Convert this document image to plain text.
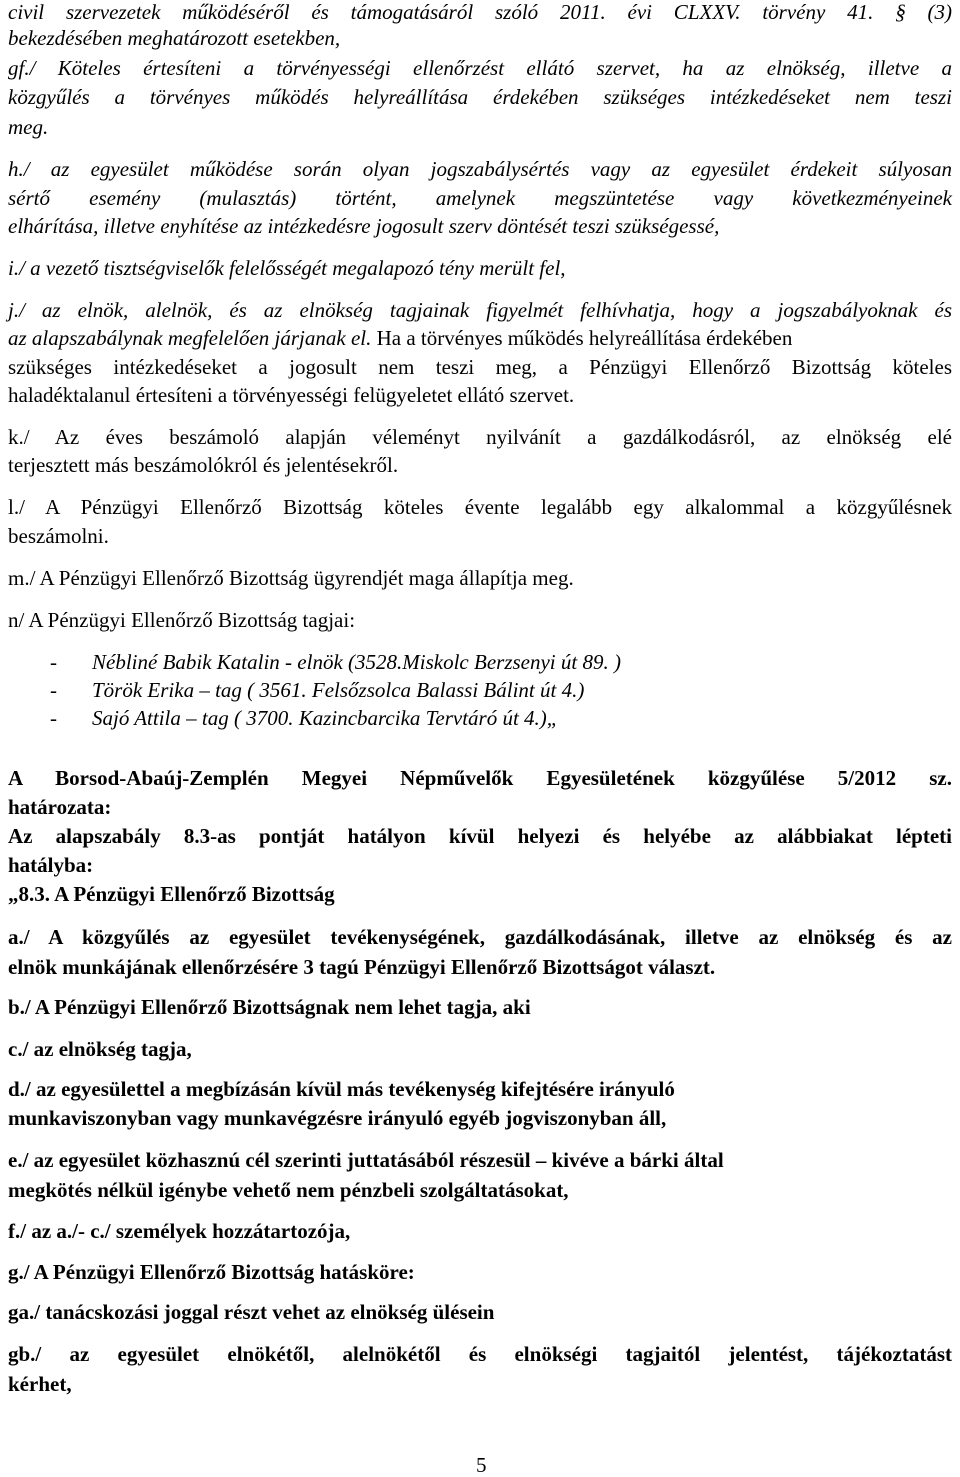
civil szervezetek működéséről és támogatásáról szóló 2011. évi CLXXV. törvény 41. § (3)
bekezdésében meghatározott esetekben,
gf./ Köteles értesíteni a törvényességi ellenőrzést ellátó szervet, ha az elnökség, illetve a
közgyűlés a törvényes működés helyreállítása érdekében szükséges intézkedéseket nem teszi
meg.
h./ az egyesület működése során olyan jogszabálysértés vagy az egyesület érdekeit súlyosan
sértő esemény (mulasztás) történt, amelynek megszüntetése vagy következményeinek
elhárítása, illetve enyhítése az intézkedésre jogosult szerv döntését teszi szükségessé,
i./ a vezető tisztségviselők felelősségét megalapozó tény merült fel,
j./ az elnök, alelnök, és az elnökség tagjainak figyelmét felhívhatja, hogy a jogszabályoknak és
az alapszabálynak megfelelően járjanak el. Ha a törvényes működés helyreállítása érdekében
szükséges intézkedéseket a jogosult nem teszi meg, a Pénzügyi Ellenőrző Bizottság köteles
haladéktalanul értesíteni a törvényességi felügyeletet ellátó szervet.
k./ Az éves beszámoló alapján véleményt nyilvánít a gazdálkodásról, az elnökség elé
terjesztett más beszámolókról és jelentésekről.
l./ A Pénzügyi Ellenőrző Bizottság köteles évente legalább egy alkalommal a közgyűlésnek
beszámolni.
m./ A Pénzügyi Ellenőrző Bizottság ügyrendjét maga állapítja meg.
n/ A Pénzügyi Ellenőrző Bizottság tagjai:
- Nébliné Babik Katalin - elnök (3528.Miskolc Berzsenyi út 89. )
- Török Erika – tag ( 3561. Felsőzsolca Balassi Bálint út 4.)
- Sajó Attila – tag ( 3700. Kazincbarcika Tervtáró út 4.)„
A Borsod-Abaúj-Zemplén Megyei Népművelők Egyesületének közgyűlése 5/2012 sz.
határozata:
Az alapszabály 8.3-as pontját hatályon kívül helyezi és helyébe az alábbiakat lépteti
hatályba:
„8.3. A Pénzügyi Ellenőrző Bizottság
a./ A közgyűlés az egyesület tevékenységének, gazdálkodásának, illetve az elnökség és az
elnök munkájának ellenőrzésére 3 tagú Pénzügyi Ellenőrző Bizottságot választ.
b./ A Pénzügyi Ellenőrző Bizottságnak nem lehet tagja, aki
c./ az elnökség tagja,
d./ az egyesülettel a megbízásán kívül más tevékenység kifejtésére irányuló
munkaviszonyban vagy munkavégzésre irányuló egyéb jogviszonyban áll,
e./ az egyesület közhasznú cél szerinti juttatásából részesül – kivéve a bárki által
megkötés nélkül igénybe vehető nem pénzbeli szolgáltatásokat,
f./ az a./- c./ személyek hozzátartozója,
g./ A Pénzügyi Ellenőrző Bizottság hatásköre:
ga./ tanácskozási joggal részt vehet az elnökség ülésein
gb./ az egyesület elnökétől, alelnökétől és elnökségi tagjaitól jelentést, tájékoztatást
kérhet,
5
